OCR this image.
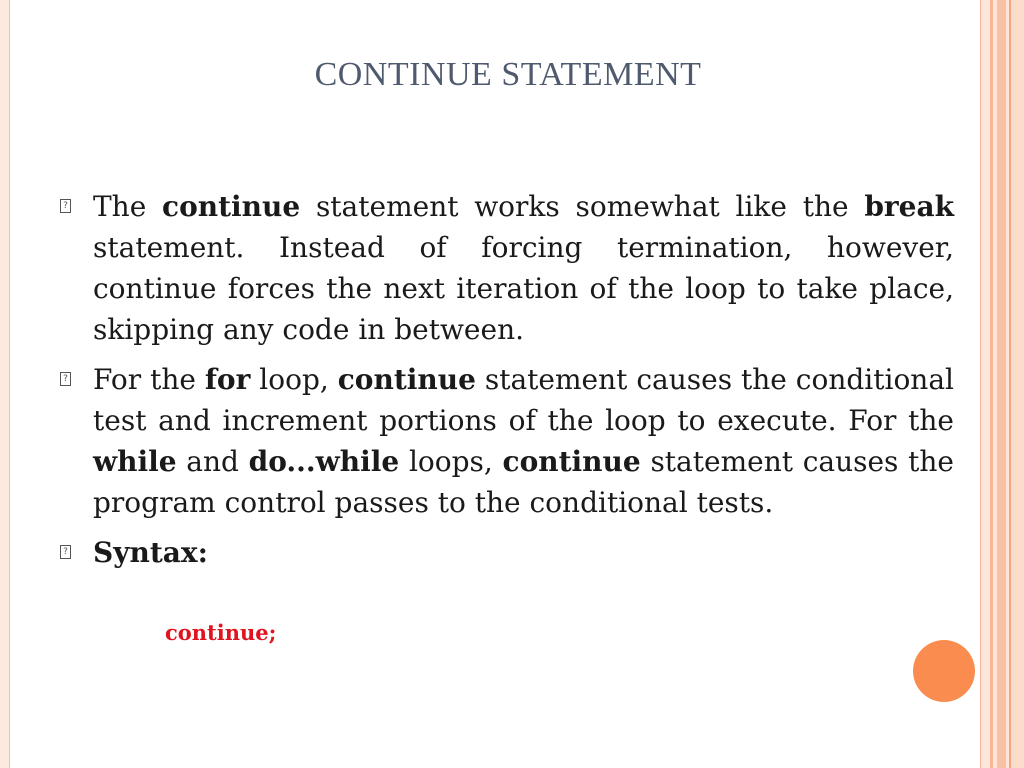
CONTINUE STATEMENT
? The continue statement works somewhat like the break statement. Instead of forcing termination, however, continue forces the next iteration of the loop to take place, skipping any code in between.
? For the for loop, continue statement causes the conditional test and increment portions of the loop to execute. For the while and do...while loops, continue statement causes the program control passes to the conditional tests.
? Syntax:
continue;
